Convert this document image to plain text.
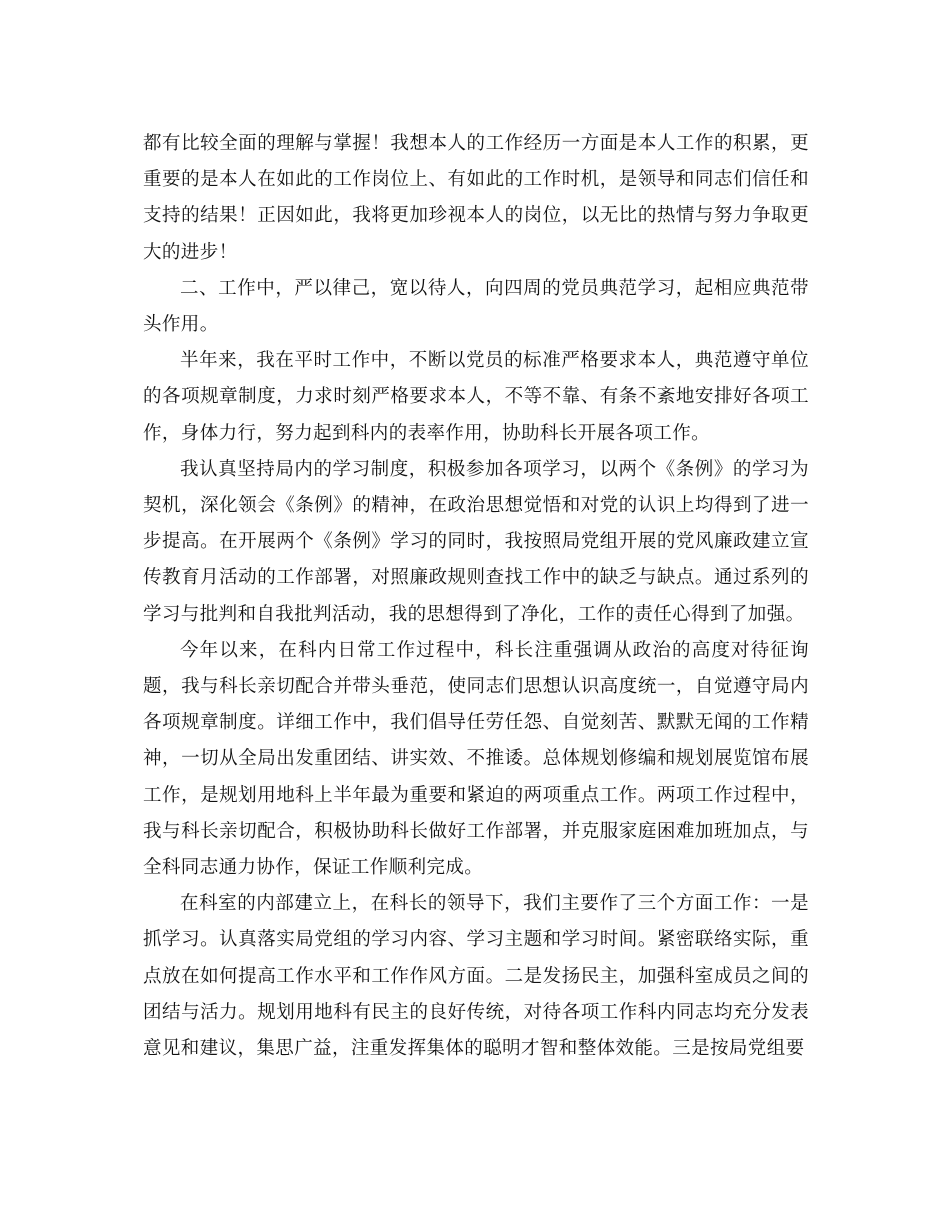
都有比较全面的理解与掌握！我想本人的工作经历一方面是本人工作的积累，更重要的是本人在如此的工作岗位上、有如此的工作时机，是领导和同志们信任和支持的结果！正因如此，我将更加珍视本人的岗位，以无比的热情与努力争取更大的进步！

二、工作中，严以律己，宽以待人，向四周的党员典范学习，起相应典范带头作用。

半年来，我在平时工作中，不断以党员的标准严格要求本人，典范遵守单位的各项规章制度，力求时刻严格要求本人，不等不靠、有条不紊地安排好各项工作，身体力行，努力起到科内的表率作用，协助科长开展各项工作。

我认真坚持局内的学习制度，积极参加各项学习，以两个《条例》的学习为契机，深化领会《条例》的精神，在政治思想觉悟和对党的认识上均得到了进一步提高。在开展两个《条例》学习的同时，我按照局党组开展的党风廉政建立宣传教育月活动的工作部署，对照廉政规则查找工作中的缺乏与缺点。通过系列的学习与批判和自我批判活动，我的思想得到了净化，工作的责任心得到了加强。

今年以来，在科内日常工作过程中，科长注重强调从政治的高度对待征询题，我与科长亲切配合并带头垂范，使同志们思想认识高度统一，自觉遵守局内各项规章制度。详细工作中，我们倡导任劳任怨、自觉刻苦、默默无闻的工作精神，一切从全局出发重团结、讲实效、不推诿。总体规划修编和规划展览馆布展工作，是规划用地科上半年最为重要和紧迫的两项重点工作。两项工作过程中，我与科长亲切配合，积极协助科长做好工作部署，并克服家庭困难加班加点，与全科同志通力协作，保证工作顺利完成。

在科室的内部建立上，在科长的领导下，我们主要作了三个方面工作：一是抓学习。认真落实局党组的学习内容、学习主题和学习时间。紧密联络实际，重点放在如何提高工作水平和工作作风方面。二是发扬民主，加强科室成员之间的团结与活力。规划用地科有民主的良好传统，对待各项工作科内同志均充分发表意见和建议，集思广益，注重发挥集体的聪明才智和整体效能。三是按局党组要
